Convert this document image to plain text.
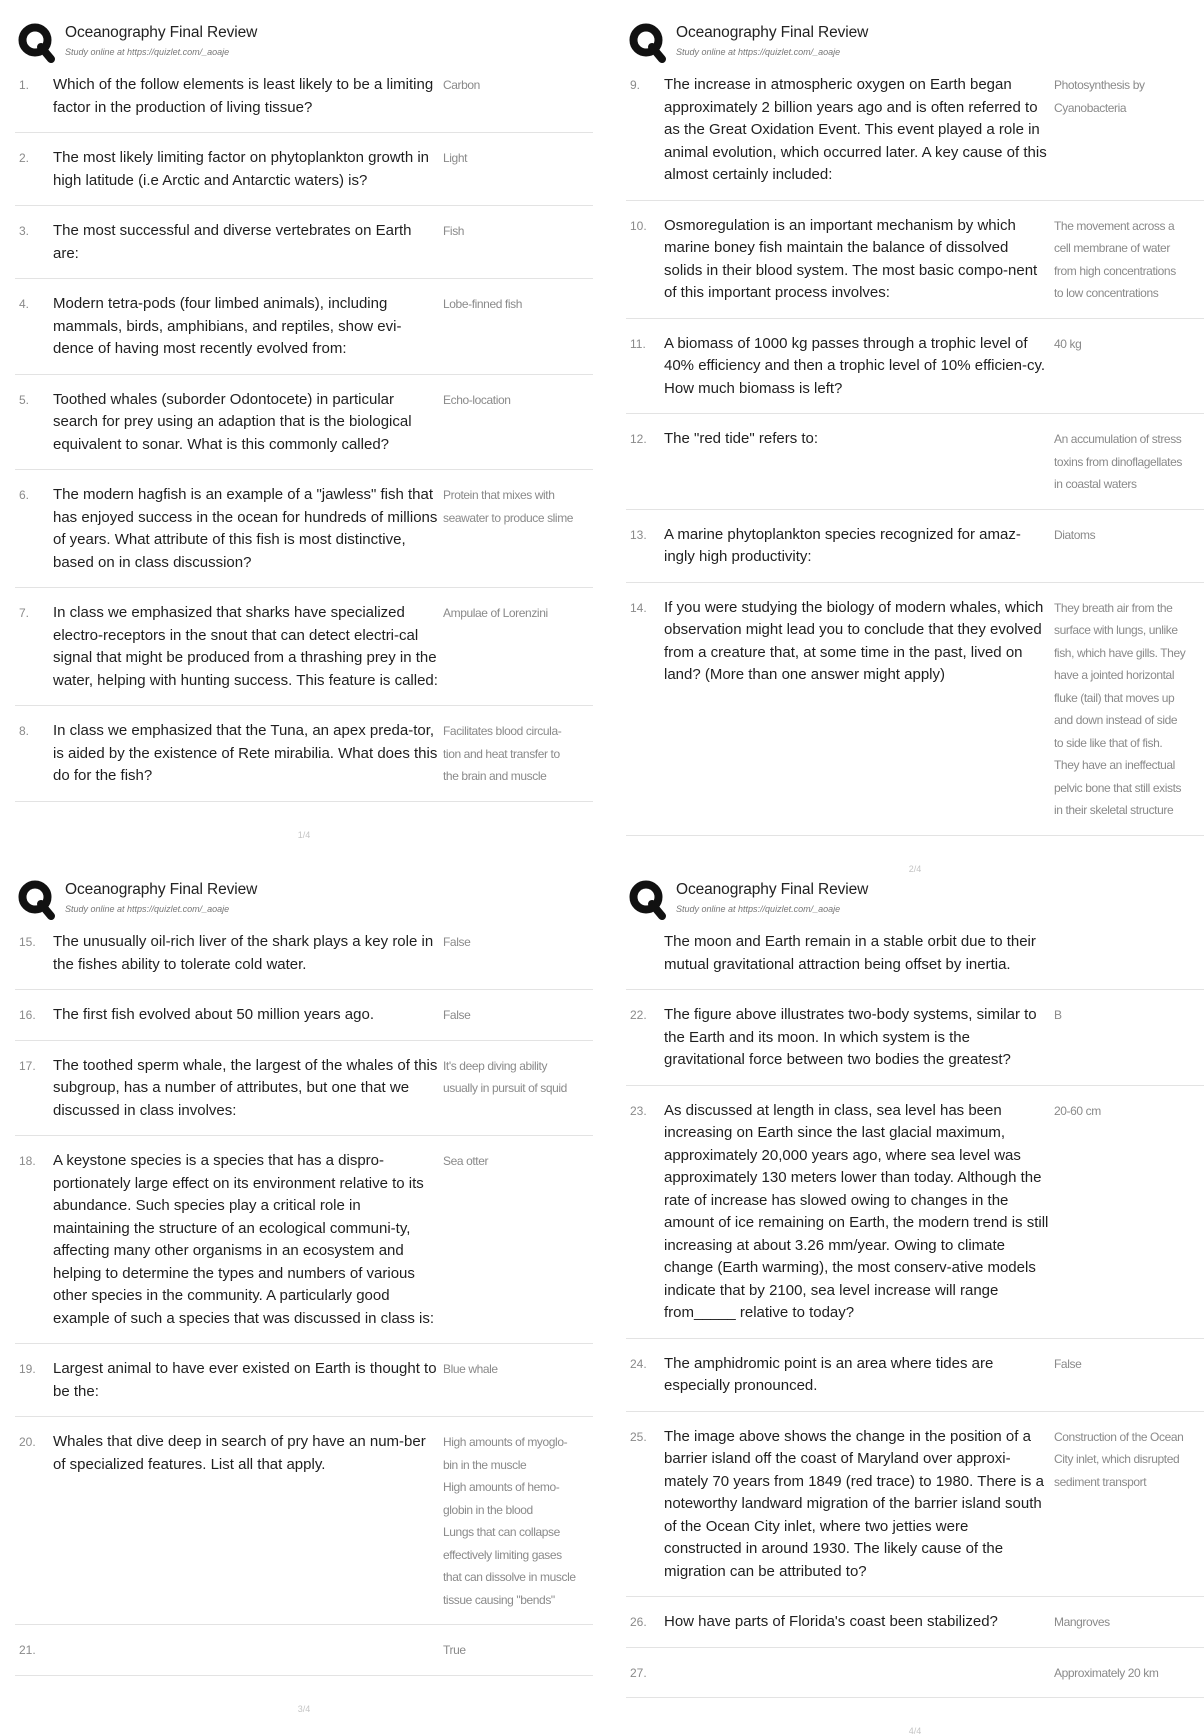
Oceanography Final Review
Study online at https://quizlet.com/_aoaje
1.	Which of the follow elements is least likely to be a limiting factor in the production of living tissue?
Carbon
2.	The most likely limiting factor on phytoplankton growth in high latitude (i.e Arctic and Antarctic waters) is?
Light
3.	The most successful and diverse vertebrates on Earth are:
Fish
4.	Modern tetra-pods (four limbed animals), including mammals, birds, amphibians, and reptiles, show evi-dence of having most recently evolved from:
Lobe-finned fish
5.	Toothed whales (suborder Odontocete) in particular search for prey using an adaption that is the biological equivalent to sonar. What is this commonly called?
Echo-location
6.	The modern hagfish is an example of a "jawless" fish that has enjoyed success in the ocean for hundreds of millions of years. What attribute of this fish is most distinctive, based on in class discussion?
Protein that mixes with
seawater to produce slime
7.	In class we emphasized that sharks have specialized electro-receptors in the snout that can detect electri-cal signal that might be produced from a thrashing prey in the water, helping with hunting success. This feature is called:
Ampulae of Lorenzini
8.	In class we emphasized that the Tuna, an apex preda-tor, is aided by the existence of Rete mirabilia. What does this do for the fish?
Facilitates blood circula-
tion and heat transfer to
the brain and muscle
1/4
Oceanography Final Review
Study online at https://quizlet.com/_aoaje
9.	The increase in atmospheric oxygen on Earth began approximately 2 billion years ago and is often referred to as the Great Oxidation Event. This event played a role in animal evolution, which occurred later. A key cause of this almost certainly included:
Photosynthesis by
Cyanobacteria
10.	Osmoregulation is an important mechanism by which marine boney fish maintain the balance of dissolved solids in their blood system. The most basic compo-nent of this important process involves:
The movement across a
cell membrane of water
from high concentrations
to low concentrations
11.	A biomass of 1000 kg passes through a trophic level of 40% efficiency and then a trophic level of 10% efficien-cy. How much biomass is left?
40 kg
12.	The "red tide" refers to:	An accumulation of stress
toxins from dinoflagellates
in coastal waters
13.	A marine phytoplankton species recognized for amaz-ingly high productivity:
Diatoms
14.	If you were studying the biology of modern whales, which observation might lead you to conclude that they evolved from a creature that, at some time in the past, lived on land? (More than one answer might apply)
They breath air from the
surface with lungs, unlike
fish, which have gills. They
have a jointed horizontal
fluke (tail) that moves up
and down instead of side
to side like that of fish.
They have an ineffectual
pelvic bone that still exists
in their skeletal structure
2/4
Oceanography Final Review
Study online at https://quizlet.com/_aoaje
15.	The unusually oil-rich liver of the shark plays a key role in the fishes ability to tolerate cold water.
False
16.	The first fish evolved about 50 million years ago.	False
17.	The toothed sperm whale, the largest of the whales of this subgroup, has a number of attributes, but one that we discussed in class involves:
It's deep diving ability
usually in pursuit of squid
18.	A keystone species is a species that has a dispro-portionately large effect on its environment relative to its abundance. Such species play a critical role in maintaining the structure of an ecological communi-ty, affecting many other organisms in an ecosystem and helping to determine the types and numbers of various other species in the community. A particularly good example of such a species that was discussed in class is:
Sea otter
19.	Largest animal to have ever existed on Earth is thought to be the:
Blue whale
20.	Whales that dive deep in search of pry have an num-ber of specialized features. List all that apply.
High amounts of myoglo-
bin in the muscle
High amounts of hemo-
globin in the blood
Lungs that can collapse
effectively limiting gases
that can dissolve in muscle
tissue causing "bends"
21.	True
3/4
Oceanography Final Review
Study online at https://quizlet.com/_aoaje
The moon and Earth remain in a stable orbit due to their mutual gravitational attraction being offset by inertia.
22.	The figure above illustrates two-body systems, similar to the Earth and its moon. In which system is the gravitational force between two bodies the greatest?
B
23.	As discussed at length in class, sea level has been increasing on Earth since the last glacial maximum, approximately 20,000 years ago, where sea level was approximately 130 meters lower than today. Although the rate of increase has slowed owing to changes in the amount of ice remaining on Earth, the modern trend is still increasing at about 3.26 mm/year. Owing to climate change (Earth warming), the most conserv-ative models indicate that by 2100, sea level increase will range from_____ relative to today?
20-60 cm
24.	The amphidromic point is an area where tides are especially pronounced.
False
25.	The image above shows the change in the position of a barrier island off the coast of Maryland over approxi-mately 70 years from 1849 (red trace) to 1980. There is a noteworthy landward migration of the barrier island south of the Ocean City inlet, where two jetties were constructed in around 1930. The likely cause of the migration can be attributed to?
Construction of the Ocean
City inlet, which disrupted
sediment transport
26.	How have parts of Florida's coast been stabilized?	Mangroves
27.	Approximately 20 km
4/4
